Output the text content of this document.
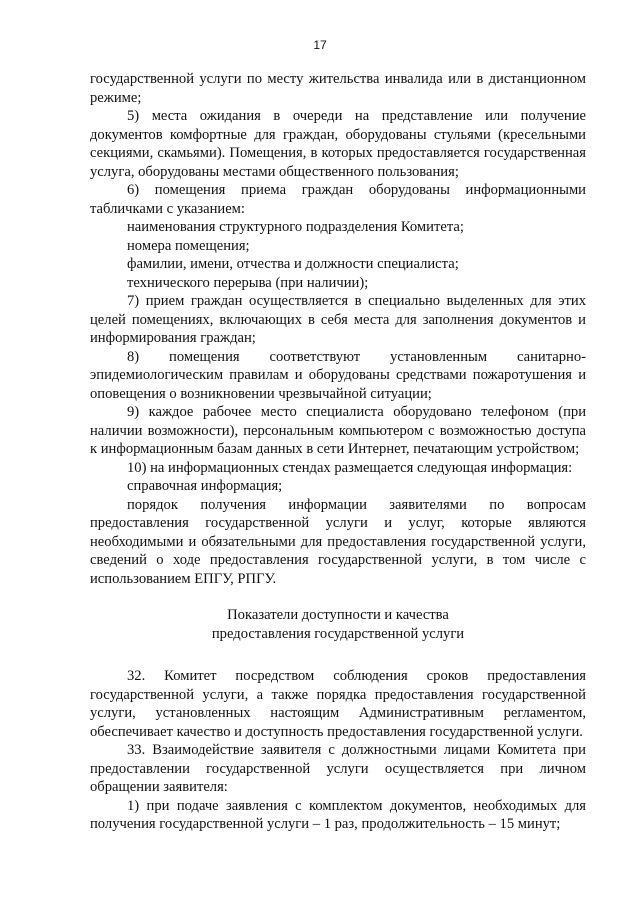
17

государственной услуги по месту жительства инвалида или в дистанционном режиме;

5) места ожидания в очереди на представление или получение документов комфортные для граждан, оборудованы стульями (кресельными секциями, скамьями). Помещения, в которых предоставляется государственная услуга, оборудованы местами общественного пользования;

6) помещения приема граждан оборудованы информационными табличками с указанием:

наименования структурного подразделения Комитета;

номера помещения;

фамилии, имени, отчества и должности специалиста;

технического перерыва (при наличии);

7) прием граждан осуществляется в специально выделенных для этих целей помещениях, включающих в себя места для заполнения документов и информирования граждан;

8) помещения соответствуют установленным санитарно-эпидемиологическим правилам и оборудованы средствами пожаротушения и оповещения о возникновении чрезвычайной ситуации;

9) каждое рабочее место специалиста оборудовано телефоном (при наличии возможности), персональным компьютером с возможностью доступа к информационным базам данных в сети Интернет, печатающим устройством;

10) на информационных стендах размещается следующая информация:

справочная информация;

порядок получения информации заявителями по вопросам предоставления государственной услуги и услуг, которые являются необходимыми и обязательными для предоставления государственной услуги, сведений о ходе предоставления государственной услуги, в том числе с использованием ЕПГУ, РПГУ.

Показатели доступности и качества

предоставления государственной услуги

32. Комитет посредством соблюдения сроков предоставления государственной услуги, а также порядка предоставления государственной услуги, установленных настоящим Административным регламентом, обеспечивает качество и доступность предоставления государственной услуги.

33. Взаимодействие заявителя с должностными лицами Комитета при предоставлении государственной услуги осуществляется при личном обращении заявителя:

1) при подаче заявления с комплектом документов, необходимых для получения государственной услуги – 1 раз, продолжительность – 15 минут;
